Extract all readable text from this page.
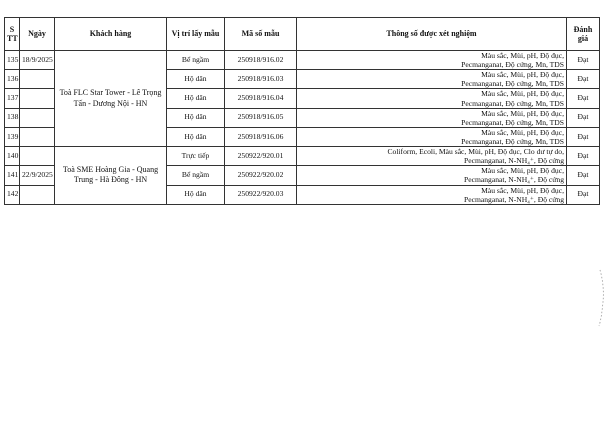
S TT	Ngày	Khách hàng	Vị trí lấy mẫu	Mã số mẫu	Thông số được xét nghiệm	Đánh giá
135	18/9/2025	Toà FLC Star Tower - Lê Trọng Tấn - Dương Nội - HN	Bể ngầm	250918/916.02	Màu sắc, Mùi, pH, Độ đục,
Pecmanganat, Độ cứng, Mn, TDS	Đạt
136			Hộ dân	250918/916.03	Màu sắc, Mùi, pH, Độ đục,
Pecmanganat, Độ cứng, Mn, TDS	Đạt
137			Hộ dân	250918/916.04	Màu sắc, Mùi, pH, Độ đục,
Pecmanganat, Độ cứng, Mn, TDS	Đạt
138			Hộ dân	250918/916.05	Màu sắc, Mùi, pH, Độ đục,
Pecmanganat, Độ cứng, Mn, TDS	Đạt
139			Hộ dân	250918/916.06	Màu sắc, Mùi, pH, Độ đục,
Pecmanganat, Độ cứng, Mn, TDS	Đạt
140		Toà SME Hoàng Gia - Quang Trung - Hà Đông - HN	Trực tiếp	250922/920.01	Coliform, Ecoli, Màu sắc, Mùi, pH, Độ đục, Clo dư tự do,
Pecmanganat, N-NH₄⁺, Độ cứng	Đạt
141	22/9/2025		Bể ngầm	250922/920.02	Màu sắc, Mùi, pH, Độ đục,
Pecmanganat, N-NH₄⁺, Độ cứng	Đạt
142			Hộ dân	250922/920.03	Màu sắc, Mùi, pH, Độ đục,
Pecmanganat, N-NH₄⁺, Độ cứng	Đạt
